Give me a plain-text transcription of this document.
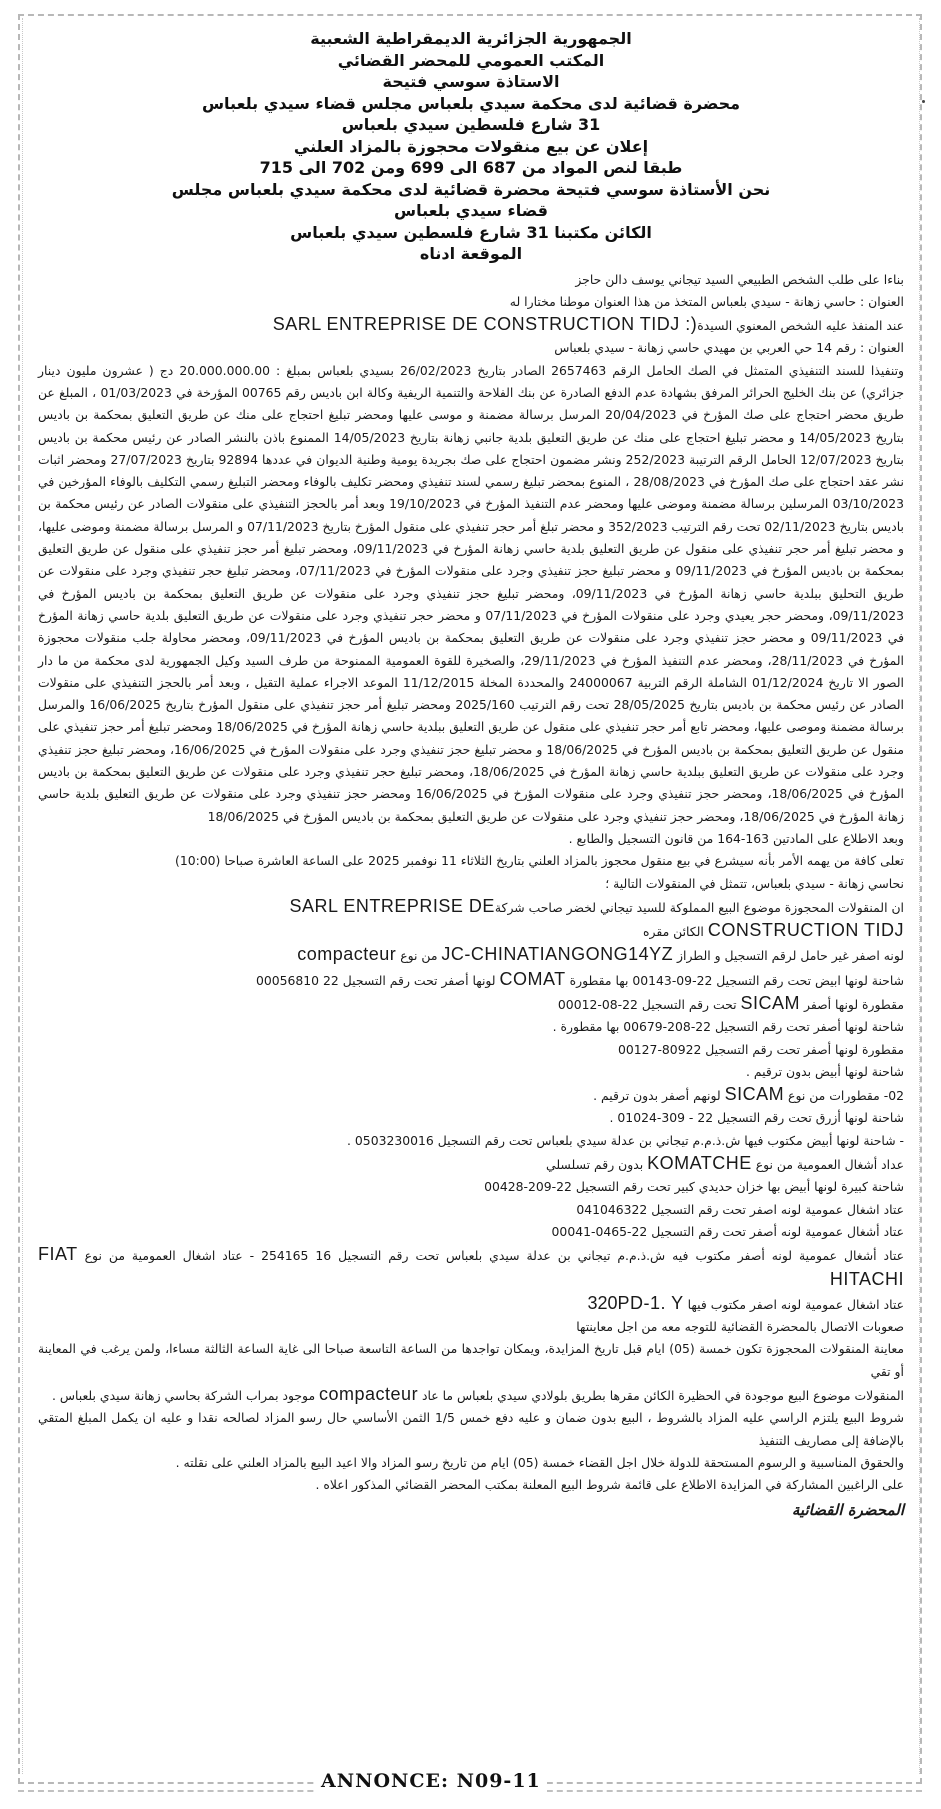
الجمهورية الجزائرية الديمقراطية الشعبية
المكتب العمومي للمحضر القضائي
الاستاذة سوسي فتيحة
محضرة قضائية لدى محكمة سيدي بلعباس مجلس قضاء سيدي بلعباس
31 شارع فلسطين سيدي بلعباس
إعلان عن بيع منقولات محجوزة بالمزاد العلني
طبقا لنص المواد من 687 الى 699 ومن 702 الى 715
نحن الأستاذة سوسي فتيحة محضرة قضائية لدى محكمة سيدي بلعباس مجلس
قضاء سيدي بلعباس
الكائن مكتبنا 31 شارع فلسطين سيدي بلعباس
الموقعة ادناه

بناءا على طلب الشخص الطبيعي السيد تيجاني يوسف دالن حاجز

العنوان : حاسي زهانة - سيدي بلعباس المتخذ من هذا العنوان موطنا مختارا له

عند المنفذ عليه الشخص المعنوي السيدةSARL ENTREPRISE DE CONSTRUCTION TIDJ :)

العنوان : رقم 14 حي العربي بن مهيدي حاسي زهانة - سيدي بلعباس

وتنفيذا للسند التنفيذي المتمثل في الصك الحامل الرقم 2657463 الصادر بتاريخ 26/02/2023 بسيدي بلعباس بمبلغ : 20.000.000.00 دج ( عشرون مليون دينار جزائري) عن بنك الخليج الحرائر المرفق بشهادة عدم الدفع الصادرة عن بنك الفلاحة والتنمية الريفية وكالة ابن باديس رقم 00765 المؤرخة في 01/03/2023 ، المبلغ عن طريق محضر احتجاج على صك المؤرخ في 20/04/2023 المرسل برسالة مضمنة و موسى عليها ومحضر تبليغ احتجاج على منك عن طريق التعليق بمحكمة بن باديس بتاريخ 14/05/2023 و محضر تبليغ احتجاج على منك عن طريق التعليق بلدية جانبي زهانة بتاريخ 14/05/2023 الممنوع باذن بالنشر الصادر عن رئيس محكمة بن باديس بتاريخ 12/07/2023 الحامل الرقم الترتيبة 252/2023 ونشر مضمون احتجاج على صك بجريدة يومية وطنية الديوان في عددها 92894 بتاريخ 27/07/2023 ومحضر اثبات نشر عقد احتجاج على صك المؤرخ في 28/08/2023 ، المنوع بمحضر تبليغ رسمي لسند تنفيذي ومحضر تكليف بالوفاء ومحضر التبليغ رسمي التكليف بالوفاء المؤرخين في 03/10/2023 المرسلين برسالة مضمنة وموضى عليها ومحضر عدم التنفيذ المؤرخ في 19/10/2023 وبعد أمر بالحجز التنفيذي على منقولات الصادر عن رئيس محكمة بن باديس بتاريخ 02/11/2023 تحت رقم الترتيب 352/2023 و محضر تبلغ أمر حجر تنفيذي على منقول المؤرخ بتاريخ 07/11/2023 و المرسل برسالة مضمنة وموضى عليها، و محضر تبليغ أمر حجر تنفيذي على منقول عن طريق التعليق بلدية حاسي زهانة المؤرخ في 09/11/2023، ومحضر تبليغ أمر حجز تنفيذي على منقول عن طريق التعليق بمحكمة بن باديس المؤرخ في 09/11/2023 و محضر تبليغ حجز تنفيذي وجرد على منقولات المؤرخ في 07/11/2023، ومحضر تبليغ حجر تنفيذي وجرد على منقولات عن طريق التحليق ببلدية حاسي زهانة المؤرخ في 09/11/2023، ومحضر تبليغ حجز تنفيذي وجرد على منقولات عن طريق التعليق بمحكمة بن باديس المؤرخ في 09/11/2023، ومحضر حجر يعيدي وجرد على منقولات المؤرخ في 07/11/2023 و محضر حجر تنفيذي وجرد على منقولات عن طريق التعليق بلدية حاسي زهانة المؤرخ في 09/11/2023 و محضر حجز تنفيذي وجرد على منقولات عن طريق التعليق بمحكمة بن باديس المؤرخ في 09/11/2023، ومحضر محاولة جلب منقولات محجوزة المؤرخ في 28/11/2023، ومحضر عدم التنفيذ المؤرخ في 29/11/2023، والصخيرة للقوة العمومية الممنوحة من طرف السيد وكيل الجمهورية لدى محكمة من ما دار الصور الا تاريخ 01/12/2024 الشاملة الرقم التربية 24000067 والمحددة المخلة 11/12/2015 الموعد الاجراء عملية التقيل ، وبعد أمر بالحجز التنفيذي على منقولات الصادر عن رئيس محكمة بن باديس بتاريخ 28/05/2025 تحت رقم الترتيب 2025/160 ومحضر تبليغ أمر حجز تنفيذي على منقول المؤرخ بتاريخ 16/06/2025 والمرسل برسالة مضمنة وموصى عليها، ومحضر تابع أمر حجر تنفيذي على منقول عن طريق التعليق ببلدية حاسي زهانة المؤرخ في 18/06/2025 ومحضر تبليغ أمر حجز تنفيذي على منقول عن طريق التعليق بمحكمة بن باديس المؤرخ في 18/06/2025 و محضر تبليغ حجز تنفيذي وجرد على منقولات المؤرخ في 16/06/2025، ومحضر تبليغ حجز تنفيذي وجرد على منقولات عن طريق التعليق ببلدية حاسي زهانة المؤرخ في 18/06/2025، ومحضر تبليغ حجر تنفيذي وجرد على منقولات عن طريق التعليق بمحكمة بن باديس المؤرخ في 18/06/2025، ومحضر حجز تنفيذي وجرد على منقولات المؤرخ في 16/06/2025 ومحضر حجز تنفيذي وجرد على منقولات عن طريق التعليق بلدية حاسي زهانة المؤرخ في 18/06/2025، ومحضر حجز تنفيذي وجرد على منقولات عن طريق التعليق بمحكمة بن باديس المؤرخ في 18/06/2025

وبعد الاطلاع على المادتين 163-164 من قانون التسجيل والطابع .

تعلى كافة من يهمه الأمر بأنه سيشرع في بيع منقول محجوز بالمزاد العلني بتاريخ الثلاثاء 11 نوفمبر 2025 على الساعة العاشرة صباحا (10:00)

نحاسي زهانة - سيدي بلعباس، تتمثل في المنقولات التالية ؛

ان المنقولات المحجوزة موضوع البيع المملوكة للسيد تيجاني لخضر صاحب شركةSARL ENTREPRISE DE

CONSTRUCTION TIDJ الكائن مقره

لونه اصفر غير حامل لرقم التسجيل و الطراز JC-CHINATIANGONG14YZ من نوع compacteur

شاحنة لونها ابيض تحت رقم التسجيل 22-09-00143 بها مقطورة COMAT لونها أصفر تحت رقم التسجيل 22 00056810

مقطورة لونها أصفر SICAM تحت رقم التسجيل 22-08-00012

شاحنة لونها أصفر تحت رقم التسجيل 22-208-00679 بها مقطورة .

مقطورة لونها أصفر تحت رقم التسجيل 80922-00127

شاحنة لونها أبيض بدون ترقيم .

02- مقطورات من نوع SICAM لونهم أصفر بدون ترقيم .

شاحنة لونها أزرق تحت رقم التسجيل 22 - 309-01024 .

- شاحنة لونها أبيض مكتوب فيها ش.ذ.م.م تيجاني بن عدلة سيدي بلعباس تحت رقم التسجيل 0503230016 .

عداد أشغال العمومية من نوع KOMATCHE بدون رقم تسلسلي

شاحنة كبيرة لونها أبيض بها خزان حديدي كبير تحت رقم التسجيل 22-209-00428

عتاد اشغال عمومية لونه اصفر تحت رقم التسجيل 041046322

عتاد أشغال عمومية لونه أصفر تحت رقم التسجيل 22-0465-00041

عتاد أشغال عمومية لونه أصفر مكتوب فيه ش.ذ.م.م تيجاني بن عدلة سيدي بلعباس تحت رقم التسجيل 16 254165 - عتاد اشغال العمومية من نوع FIAT HITACHI

عتاد اشغال عمومية لونه اصفر مكتوب فيها 320PD-1. Y

صعوبات الاتصال بالمحضرة القضائية للتوجه معه من اجل معاينتها

معاينة المنقولات المحجوزة تكون خمسة (05) ايام قبل تاريخ المزايدة، ويمكان تواجدها من الساعة التاسعة صباحا الى غاية الساعة الثالثة مساءا، ولمن يرغب في المعاينة أو تقي

المنقولات موضوع البيع موجودة في الحظيرة الكائن مقرها بطريق بلولادي سيدي بلعباس ما عاد compacteur موجود بمراب الشركة بحاسي زهانة سيدي بلعباس .

شروط البيع يلتزم الراسي عليه المزاد بالشروط ، البيع بدون ضمان و عليه دفع خمس 1/5 الثمن الأساسي حال رسو المزاد لصالحه نقدا و عليه ان يكمل المبلغ المتقي بالإضافة إلى مصاريف التنفيذ

والحقوق المناسبية و الرسوم المستحقة للدولة خلال اجل القضاء خمسة (05) ايام من تاريخ رسو المزاد والا اعيد البيع بالمزاد العلني على نقلته .

على الراغبين المشاركة في المزايدة الاطلاع على قائمة شروط البيع المعلنة بمكتب المحضر القضائي المذكور اعلاه .

المحضرة القضائية
ANNONCE: N09-11
